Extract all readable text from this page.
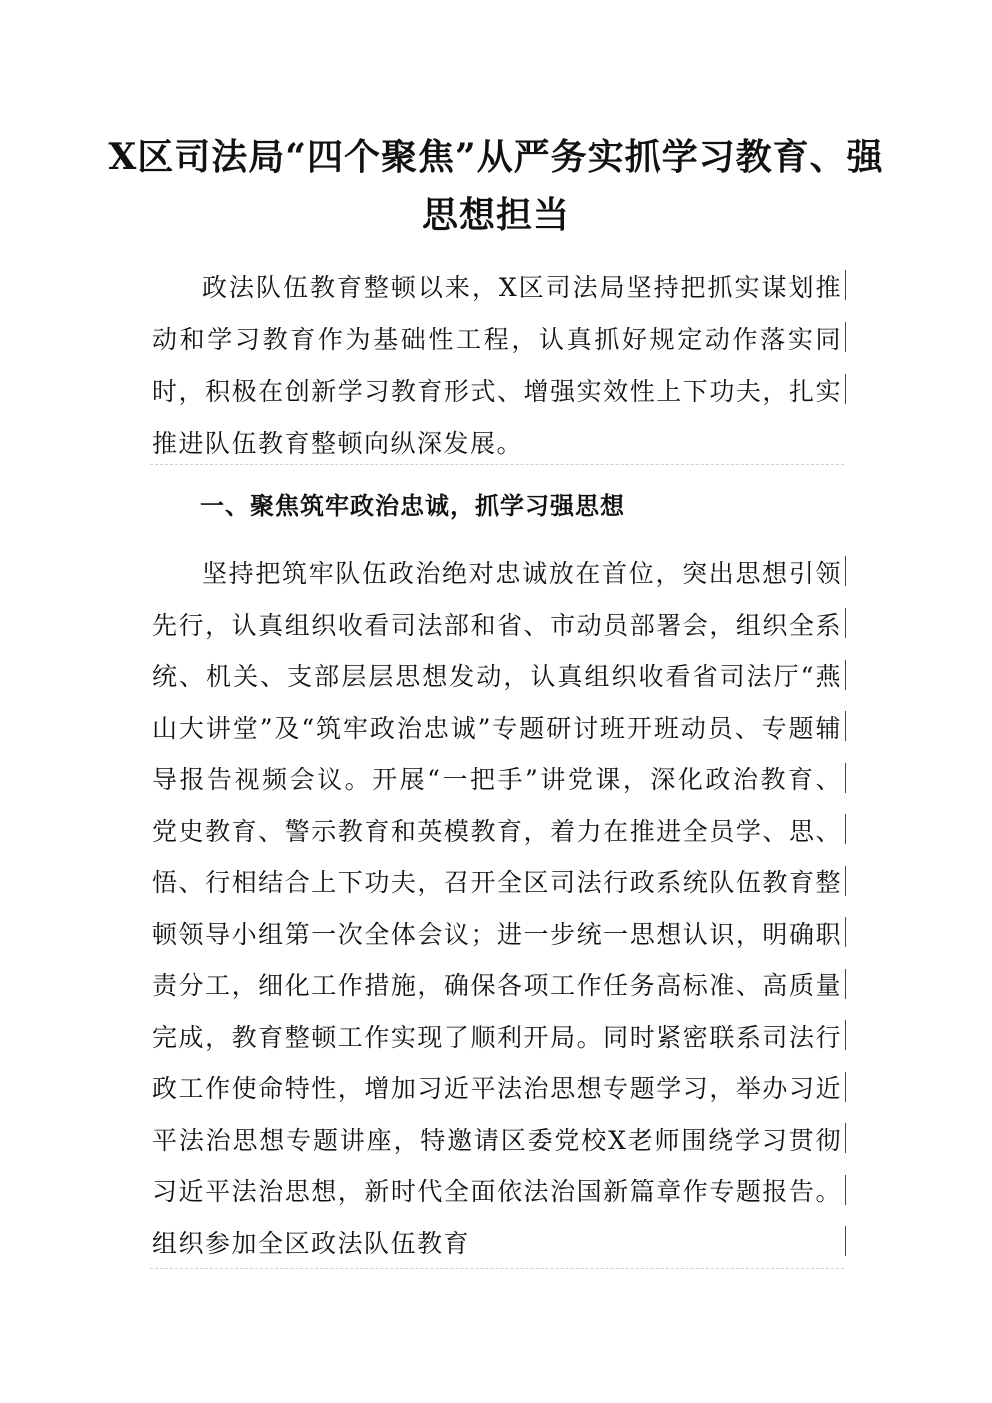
X区司法局“四个聚焦”从严务实抓学习教育、强思想担当

政法队伍教育整顿以来，X区司法局坚持把抓实谋划推动和学习教育作为基础性工程，认真抓好规定动作落实同时，积极在创新学习教育形式、增强实效性上下功夫，扎实推进队伍教育整顿向纵深发展。

一、聚焦筑牢政治忠诚，抓学习强思想

坚持把筑牢队伍政治绝对忠诚放在首位，突出思想引领先行，认真组织收看司法部和省、市动员部署会，组织全系统、机关、支部层层思想发动，认真组织收看省司法厅“燕山大讲堂”及“筑牢政治忠诚”专题研讨班开班动员、专题辅导报告视频会议。开展“一把手”讲党课，深化政治教育、党史教育、警示教育和英模教育，着力在推进全员学、思、悟、行相结合上下功夫，召开全区司法行政系统队伍教育整顿领导小组第一次全体会议；进一步统一思想认识，明确职责分工，细化工作措施，确保各项工作任务高标准、高质量完成，教育整顿工作实现了顺利开局。同时紧密联系司法行政工作使命特性，增加习近平法治思想专题学习，举办习近平法治思想专题讲座，特邀请区委党校X老师围绕学习贯彻习近平法治思想，新时代全面依法治国新篇章作专题报告。组织参加全区政法队伍教育
